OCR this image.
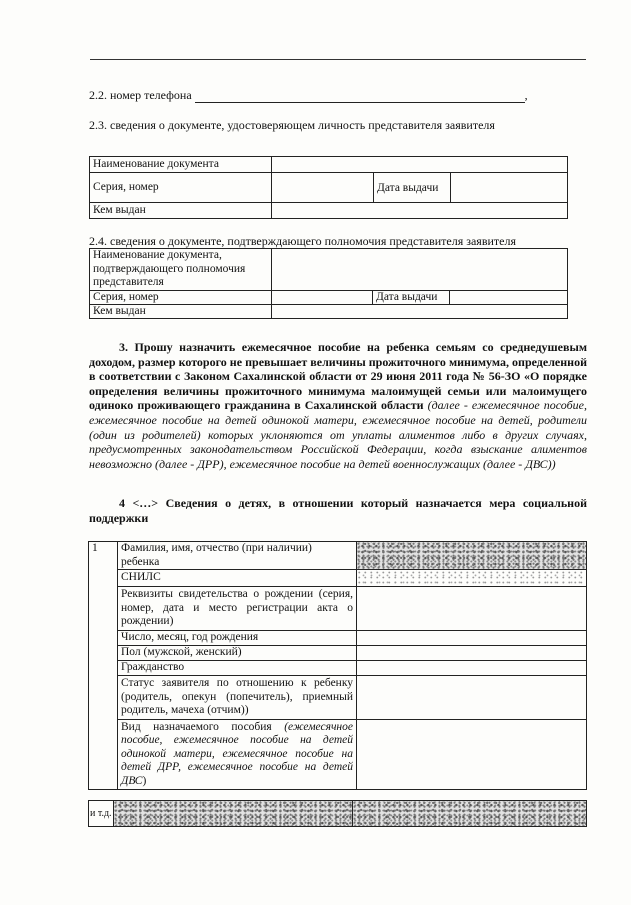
2.2. номер телефона	,
2.3. сведения о документе, удостоверяющем личность представителя заявителя
Наименование документа			
Серия, номер		Дата выдачи	
Кем выдан			
2.4. сведения о документе, подтверждающего полномочия представителя заявителя
Наименование документа, подтверждающего полномочия представителя			
Серия, номер		Дата выдачи	
Кем выдан			
3. Прошу назначить ежемесячное пособие на ребенка семьям со среднедушевым доходом, размер которого не превышает величины прожиточного минимума, определенной в соответствии с Законом Сахалинской области от 29 июня 2011 года № 56-ЗО «О порядке определения величины прожиточного минимума малоимущей семьи или малоимущего одиноко проживающего гражданина в Сахалинской области (далее - ежемесячное пособие, ежемесячное пособие на детей одинокой матери, ежемесячное пособие на детей, родители (один из родителей) которых уклоняются от уплаты алиментов либо в других случаях, предусмотренных законодательством Российской Федерации, когда взыскание алиментов невозможно (далее - ДРР), ежемесячное пособие на детей военнослужащих (далее - ДВС))
4 <…> Сведения о детях, в отношении который назначается мера социальной поддержки
1	Фамилия, имя, отчество (при наличии) ребенка	
	СНИЛС	
	Реквизиты свидетельства о рождении (серия, номер, дата и место регистрации акта о рождении)	
	Число, месяц, год рождения	
	Пол (мужской, женский)	
	Гражданство	
	Статус заявителя по отношению к ребенку (родитель, опекун (попечитель), приемный родитель, мачеха (отчим))	
	Вид назначаемого пособия (ежемесячное пособие, ежемесячное пособие на детей одинокой матери, ежемесячное пособие на детей ДРР, ежемесячное пособие на детей ДВС)	
и т.д.		
